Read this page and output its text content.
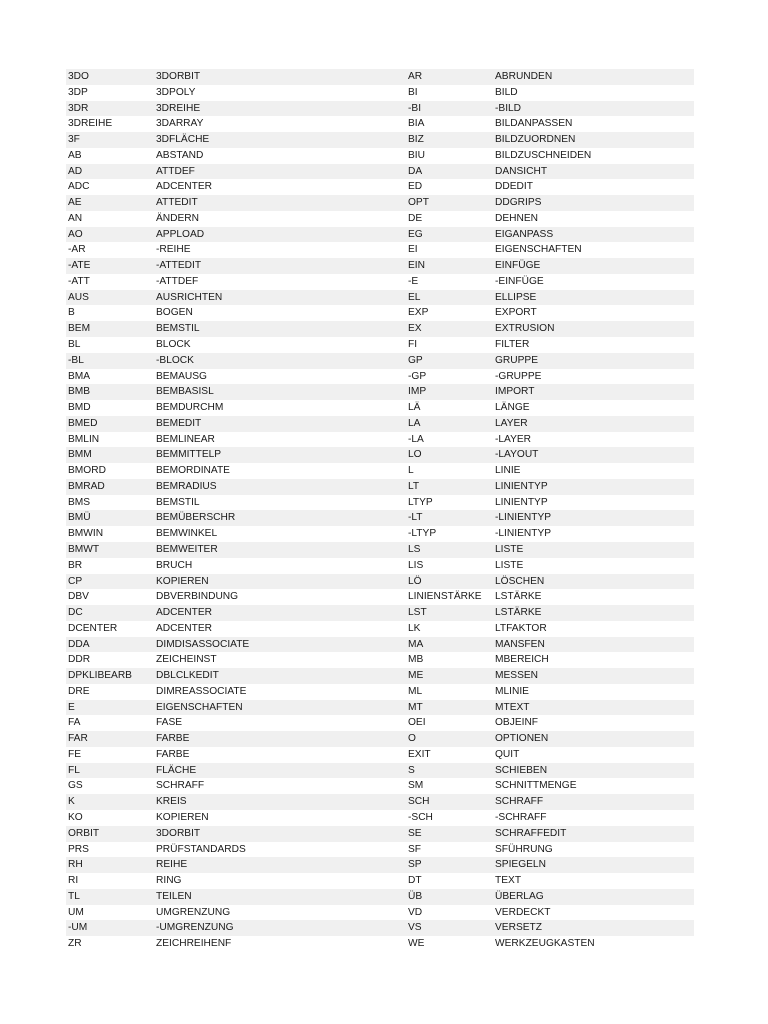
3DO	3DORBIT	AR	ABRUNDEN
3DP	3DPOLY	BI	BILD
3DR	3DREIHE	-BI	-BILD
3DREIHE	3DARRAY	BIA	BILDANPASSEN
3F	3DFLÄCHE	BIZ	BILDZUORDNEN
AB	ABSTAND	BIU	BILDZUSCHNEIDEN
AD	ATTDEF	DA	DANSICHT
ADC	ADCENTER	ED	DDEDIT
AE	ATTEDIT	OPT	DDGRIPS
AN	ÄNDERN	DE	DEHNEN
AO	APPLOAD	EG	EIGANPASS
-AR	-REIHE	EI	EIGENSCHAFTEN
-ATE	-ATTEDIT	EIN	EINFÜGE
-ATT	-ATTDEF	-E	-EINFÜGE
AUS	AUSRICHTEN	EL	ELLIPSE
B	BOGEN	EXP	EXPORT
BEM	BEMSTIL	EX	EXTRUSION
BL	BLOCK	FI	FILTER
-BL	-BLOCK	GP	GRUPPE
BMA	BEMAUSG	-GP	-GRUPPE
BMB	BEMBASISL	IMP	IMPORT
BMD	BEMDURCHM	LÄ	LÄNGE
BMED	BEMEDIT	LA	LAYER
BMLIN	BEMLINEAR	-LA	-LAYER
BMM	BEMMITTELP	LO	-LAYOUT
BMORD	BEMORDINATE	L	LINIE
BMRAD	BEMRADIUS	LT	LINIENTYP
BMS	BEMSTIL	LTYP	LINIENTYP
BMÜ	BEMÜBERSCHR	-LT	-LINIENTYP
BMWIN	BEMWINKEL	-LTYP	-LINIENTYP
BMWT	BEMWEITER	LS	LISTE
BR	BRUCH	LIS	LISTE
CP	KOPIEREN	LÖ	LÖSCHEN
DBV	DBVERBINDUNG	LINIENSTÄRKE	LSTÄRKE
DC	ADCENTER	LST	LSTÄRKE
DCENTER	ADCENTER	LK	LTFAKTOR
DDA	DIMDISASSOCIATE	MA	MANSFEN
DDR	ZEICHEINST	MB	MBEREICH
DPKLIBEARB	DBLCLKEDIT	ME	MESSEN
DRE	DIMREASSOCIATE	ML	MLINIE
E	EIGENSCHAFTEN	MT	MTEXT
FA	FASE	OEI	OBJEINF
FAR	FARBE	O	OPTIONEN
FE	FARBE	EXIT	QUIT
FL	FLÄCHE	S	SCHIEBEN
GS	SCHRAFF	SM	SCHNITTMENGE
K	KREIS	SCH	SCHRAFF
KO	KOPIEREN	-SCH	-SCHRAFF
ORBIT	3DORBIT	SE	SCHRAFFEDIT
PRS	PRÜFSTANDARDS	SF	SFÜHRUNG
RH	REIHE	SP	SPIEGELN
RI	RING	DT	TEXT
TL	TEILEN	ÜB	ÜBERLAG
UM	UMGRENZUNG	VD	VERDECKT
-UM	-UMGRENZUNG	VS	VERSETZ
ZR	ZEICHREIHENF	WE	WERKZEUGKASTEN
